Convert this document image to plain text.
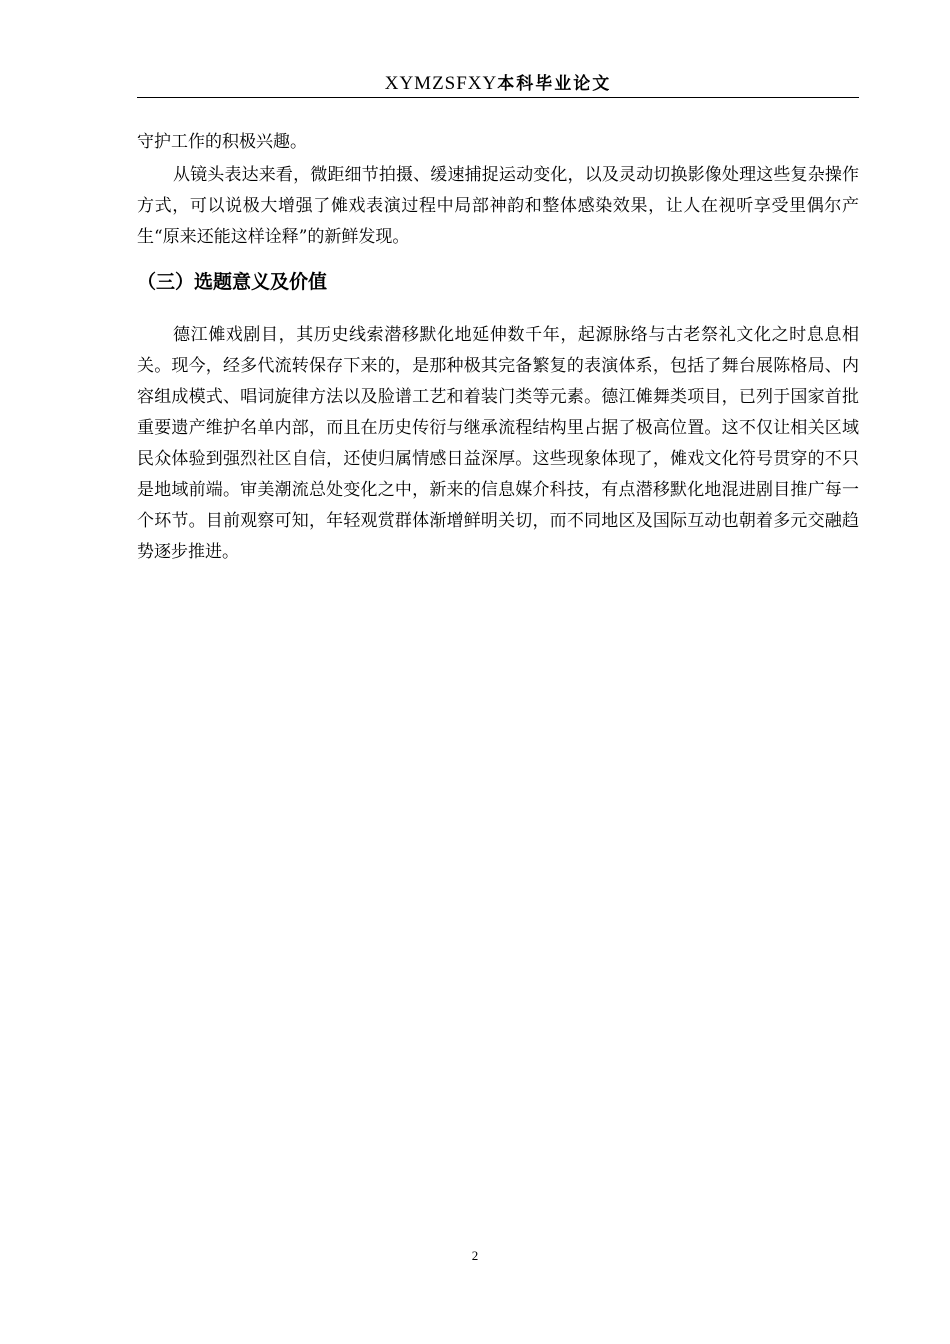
XYMZSFXY本科毕业论文

守护工作的积极兴趣。

从镜头表达来看，微距细节拍摄、缓速捕捉运动变化，以及灵动切换影像处理这些复杂操作方式，可以说极大增强了傩戏表演过程中局部神韵和整体感染效果，让人在视听享受里偶尔产生“原来还能这样诠释”的新鲜发现。

（三）选题意义及价值

德江傩戏剧目，其历史线索潜移默化地延伸数千年，起源脉络与古老祭礼文化之时息息相关。现今，经多代流转保存下来的，是那种极其完备繁复的表演体系，包括了舞台展陈格局、内容组成模式、唱词旋律方法以及脸谱工艺和着装门类等元素。德江傩舞类项目，已列于国家首批重要遗产维护名单内部，而且在历史传衍与继承流程结构里占据了极高位置。这不仅让相关区域民众体验到强烈社区自信，还使归属情感日益深厚。这些现象体现了，傩戏文化符号贯穿的不只是地域前端。审美潮流总处变化之中，新来的信息媒介科技，有点潜移默化地混进剧目推广每一个环节。目前观察可知，年轻观赏群体渐增鲜明关切，而不同地区及国际互动也朝着多元交融趋势逐步推进。

2
